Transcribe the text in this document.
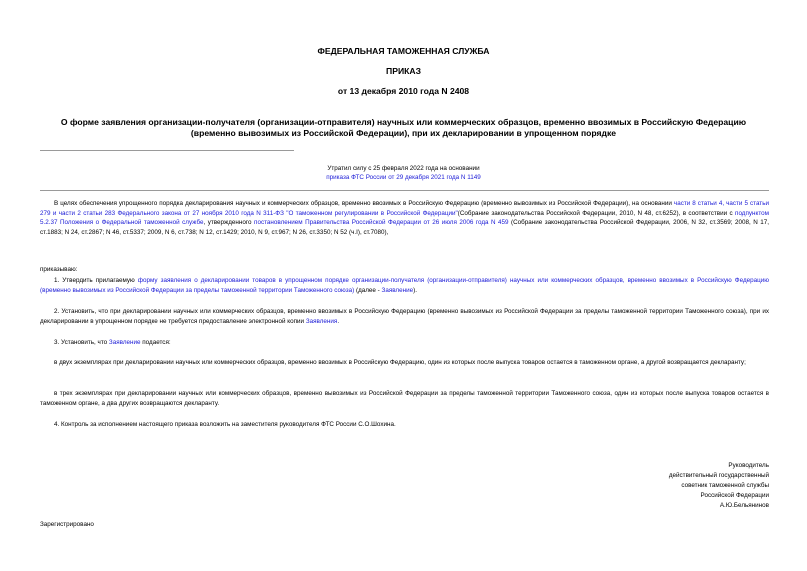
ФЕДЕРАЛЬНАЯ ТАМОЖЕННАЯ СЛУЖБА
ПРИКАЗ
от 13 декабря 2010 года N 2408
О форме заявления организации-получателя (организации-отправителя) научных или коммерческих образцов, временно ввозимых в Российскую Федерацию
(временно вывозимых из Российской Федерации), при их декларировании в упрощенном порядке
Утратил силу с 25 февраля 2022 года на основании
приказа ФТС России от 29 декабря 2021 года N 1149
В целях обеспечения упрощенного порядка декларирования научных и коммерческих образцов, временно ввозимых в Российскую Федерацию (временно вывозимых из Российской Федерации), на основании части 8 статьи 4, части 5 статьи 279 и части 2 статьи 283 Федерального закона от 27 ноября 2010 года N 311-ФЗ "О таможенном регулировании в Российской Федерации"(Собрание законодательства Российской Федерации, 2010, N 48, ст.6252), в соответствии с подпунктом 5.2.37 Положения о Федеральной таможенной службе, утвержденного постановлением Правительства Российской Федерации от 26 июля 2006 года N 459 (Собрание законодательства Российской Федерации, 2006, N 32, ст.3569; 2008, N 17, ст.1883; N 24, ст.2867; N 46, ст.5337; 2009, N 6, ст.738; N 12, ст.1429; 2010, N 9, ст.967; N 26, ст.3350; N 52 (ч.I), ст.7080),
приказываю:
1. Утвердить прилагаемую форму заявления о декларировании товаров в упрощенном порядке организации-получателя (организации-отправителя) научных или коммерческих образцов, временно ввозимых в Российскую Федерацию (временно вывозимых из Российской Федерации за пределы таможенной территории Таможенного союза) (далее - Заявление).
2. Установить, что при декларировании научных или коммерческих образцов, временно ввозимых в Российскую Федерацию (временно вывозимых из Российской Федерации за пределы таможенной территории Таможенного союза), при их декларировании в упрощенном порядке не требуется предоставление электронной копии Заявления.
3. Установить, что Заявление подается:
в двух экземплярах при декларировании научных или коммерческих образцов, временно ввозимых в Российскую Федерацию, один из которых после выпуска товаров остается в таможенном органе, а другой возвращается декларанту;
в трех экземплярах при декларировании научных или коммерческих образцов, временно вывозимых из Российской Федерации за пределы таможенной территории Таможенного союза, один из которых после выпуска товаров остается в таможенном органе, а два других возвращаются декларанту.
4. Контроль за исполнением настоящего приказа возложить на заместителя руководителя ФТС России С.О.Шохина.
Руководитель
действительный государственный
советник таможенной службы
Российской Федерации
А.Ю.Бельянинов
Зарегистрировано
